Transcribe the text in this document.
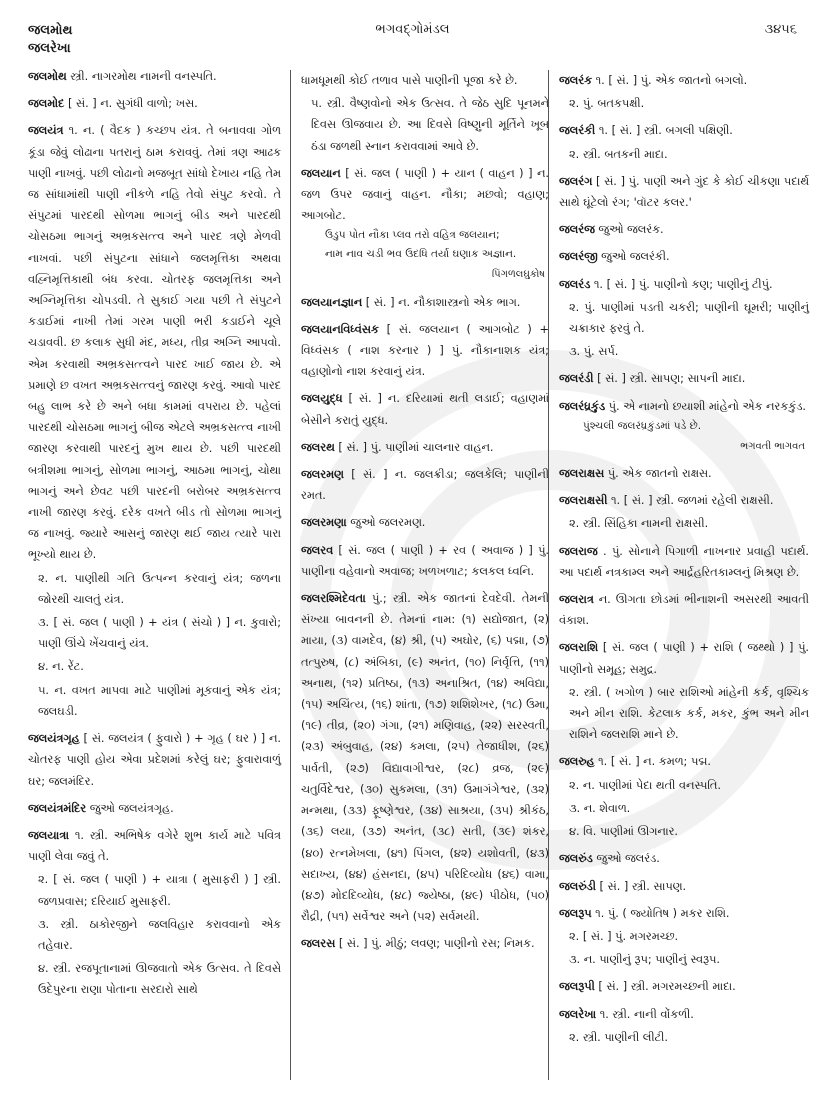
જલમોથ
જલરેખા
ભગવદ્ગોમંડલ	૩૪૫૬
જલમોથ સ્ત્રી. નાગરમોથ નામની વનસ્પતિ.
જલમોદ [ સં. ] ન. સુગંધી વાળો; ખસ.
જલયંત્ર ૧. ન. ( વૈદક ) કચ્છપ યંત્ર. તે બનાવવા ગોળ કૂંડા જેવું લોઢાના પતરાનું ઠામ કરાવવું. તેમાં ત્રણ આઢક પાણી નાખવું. પછી લોઢાનો મજબૂત સાંધો દેખાય નહિ તેમ જ સાંધામાંથી પાણી નીકળે નહિ તેવો સંપુટ કરવો. તે સંપુટમાં પારદથી સોળમા ભાગનું બીડ અને પારદથી ચોસઠમા ભાગનું અભ્રકસત્ત્વ અને પારદ ત્રણે મેળવી નાખવાં. પછી સંપુટના સાંધાને જલમૃત્તિકા અથવા વહ્નિમૃત્તિકાથી બંધ કરવા. ચોતરફ જલમૃત્તિકા અને અગ્નિમૃત્તિકા ચોપડવી. તે સુકાઈ ગયા પછી તે સંપુટને કડાઈમાં નાખી તેમાં ગરમ પાણી ભરી કડાઈને ચૂલે ચડાવવી. છ કલાક સુધી મંદ, મધ્ય, તીવ્ર અગ્નિ આપવો. એમ કરવાથી અભ્રકસત્ત્વને પારદ ખાઈ જાય છે. એ પ્રમાણે છ વખત અભ્રકસત્ત્વનું જારણ કરવું. આવો પારદ બહુ લાભ કરે છે અને બધા કામમાં વપરાય છે. પહેલાં પારદથી ચોસઠમા ભાગનું બીજ એટલે અભ્રકસત્ત્વ નાખી જારણ કરવાથી પારદનું મુખ થાય છે. પછી પારદથી બત્રીશમા ભાગનું, સોળમા ભાગનું, આઠમા ભાગનું, ચોથા ભાગનું અને છેવટ પછી પારદની બરોબર અભ્રકસત્ત્વ નાખી જારણ કરવું. દરેક વખતે બીડ તો સોળમા ભાગનું જ નાખવું. જ્યારે આસનું જારણ થઈ જાય ત્યારે પારા ભૂખ્યો થાય છે.
૨. ન. પાણીથી ગતિ ઉત્પન્ન કરવાનું યંત્ર; જળના જોરથી ચાલતું યંત્ર.
૩. [ સં. જલ ( પાણી ) + યંત્ર ( સંચો ) ] ન. કુવારો; પાણી ઊંચે ખેંચવાનું યંત્ર.
૪. ન. રેંટ.
૫. ન. વખત માપવા માટે પાણીમાં મૂકવાનું એક યંત્ર; જલઘડી.
જલયંત્રગૃહ [ સં. જલયંત્ર ( ફુવારો ) + ગૃહ ( ઘર ) ] ન. ચોતરફ પાણી હોય એવા પ્રદેશમાં કરેલું ઘર; ફુવારાવાળું ઘર; જલમંદિર.
જલયંત્રમંદિર જુઓ જલયંત્રગૃહ.
જલયાત્રા ૧. સ્ત્રી. અભિષેક વગેરે શુભ કાર્ય માટે પવિત્ર પાણી લેવા જવું તે.
૨. [ સં. જલ ( પાણી ) + યાત્રા ( મુસાફરી ) ] સ્ત્રી. જળપ્રવાસ; દરિયાઈ મુસાફરી.
૩. સ્ત્રી. ઠાકોરજીને જલવિહાર કરાવવાનો એક તહેવાર.
૪. સ્ત્રી. રજપૂતાનામાં ઊજવાતો એક ઉત્સવ. તે દિવસે ઉદેપુરના રાણા પોતાના સરદારો સાથે
ધામધૂમથી કોઈ તળાવ પાસે પાણીની પૂજા કરે છે.
૫. સ્ત્રી. વૈષ્ણવોનો એક ઉત્સવ. તે જેઠ સુદિ પૂનમને દિવસ ઊજવાય છે. આ દિવસે વિષ્ણુની મૂર્તિને ખૂબ ઠંડા જળથી સ્નાન કરાવવામાં આવે છે.
જલયાન [ સં. જલ ( પાણી ) + યાન ( વાહન ) ] ન. જળ ઉપર જવાનું વાહન. નૌકા; મછવો; વહાણ; આગબોટ.
ઉડુપ પોત નૌકા પ્લવ તરો વહિત્ર જલયાન;
નામ નાવ ચડી ભવ ઉદધિ તર્યા ઘણાક અજ્ઞાન.
પિંગળલઘુકોષ
જલયાનજ્ઞાન [ સં. ] ન. નૌકાશાસ્ત્રનો એક ભાગ.
જલયાનવિધ્વંસક [ સં. જલયાન ( આગબોટ ) + વિધ્વંસક ( નાશ કરનાર ) ] પું. નૌકાનાશક યંત્ર; વહાણોનો નાશ કરવાનું યંત્ર.
જલયુદ્ધ [ સં. ] ન. દરિયામાં થતી લડાઈ; વહાણમાં બેસીને કરાતું યુદ્ધ.
જલરથ [ સં. ] પું. પાણીમાં ચાલનાર વાહન.
જલરમણ [ સં. ] ન. જલક્રીડા; જલકેલિ; પાણીની રમત.
જલરમણા જુઓ જલરમણ.
જલરવ [ સં. જલ ( પાણી ) + રવ ( અવાજ ) ] પું. પાણીના વહેવાનો અવાજ; ખળખળાટ; કલકલ ધ્વનિ.
જલરશ્મિદેવતા પું.; સ્ત્રી. એક જાતનાં દેવદેવી. તેમની સંખ્યા બાવનની છે. તેમનાં નામ: (૧) સદ્યોજાત, (૨) માયા, (૩) વામદેવ, (૪) શ્રી, (૫) અઘોર, (૬) પદ્મા, (૭) તત્પુરુષ, (૮) અંબિકા, (૯) અનંત, (૧૦) નિર્વૃત્તિ, (૧૧) અનાથ, (૧૨) પ્રતિષ્ઠા, (૧૩) અનાશ્રિત, (૧૪) અવિદ્યા, (૧૫) અચિંત્ય, (૧૬) શાંતા, (૧૭) શશિશેખર, (૧૮) ઉમા, (૧૯) તીવ્ર, (૨૦) ગંગા, (૨૧) મણિવાહ, (૨૨) સરસ્વતી, (૨૩) અંબુવાહ, (૨૪) કમલા, (૨૫) તેજાધીશ, (૨૬) પાર્વતી, (૨૭) વિદ્યાવાગીશ્વર, (૨૮) વ્રજ, (૨૯) ચતુર્વિદેશ્વર, (૩૦) સુકમલા, (૩૧) ઉમાગંગેશ્વર, (૩૨) મન્મથા, (૩૩) ફૂષ્ણેશ્વર, (૩૪) સાશ્રયા, (૩૫) શ્રીકંઠ, (૩૬) લયા, (૩૭) અનંત, (૩૮) સતી, (૩૯) શંકર, (૪૦) રત્નમેખલા, (૪૧) પિંગલ, (૪૨) યશોવતી, (૪૩) સદાખ્ય, (૪૪) હંસનદા, (૪૫) પરિદિવ્યોધ (૪૬) વામા, (૪૭) મોદદિવ્યોધ, (૪૮) જ્યેષ્ઠા, (૪૯) પીઠોધ, (૫૦) રૌદ્રી, (૫૧) સર્વેશ્વર અને (૫૨) સર્વમયી.
જલરસ [ સં. ] પું. મીઠું; લવણ; પાણીનો રસ; નિમક.
જલરંક ૧. [ સં. ] પું. એક જાતનો બગલો.
૨. પું. બતકપક્ષી.
જલરંકી ૧. [ સં. ] સ્ત્રી. બગલી પક્ષિણી.
૨. સ્ત્રી. બતકની માદા.
જલરંગ [ સં. ] પું. પાણી અને ગુંદ કે કોઈ ચીકણા પદાર્થ સાથે ઘૂંટેલો રંગ; 'વૉટર કલર.'
જલરંજ જુઓ જલરંક.
જલરંજી જુઓ જલરંકી.
જલરંડ ૧. [ સં. ] પું. પાણીનો કણ; પાણીનું ટીપું.
૨. પું. પાણીમાં પડતી ચકરી; પાણીની ઘૂમરી; પાણીનું ચક્રાકાર ફરવું તે.
૩. પું. સર્પ.
જલરંડી [ સં. ] સ્ત્રી. સાપણ; સાપની માદા.
જલરંધ્રકુંડ પું. એ નામનો છયાશી માંહેનો એક નરકકુંડ.
પુંશ્ચલી જલરંધ્રકુંડમાં પડે છે.
ભગવતી ભાગવત
જલરાક્ષસ પું. એક જાતનો રાક્ષસ.
જલરાક્ષસી ૧. [ સં. ] સ્ત્રી. જળમાં રહેલી રાક્ષસી.
૨. સ્ત્રી. સિંહિકા નામની રાક્ષસી.
જલરાજ . પું. સોનાને પિગાળી નાખનાર પ્રવાહી પદાર્થ. આ પદાર્થ નત્રકામ્લ અને આર્દ્રહરિતકામ્લનું મિશ્રણ છે.
જલરાત્ર ન. ઊગતા છોડમાં ભીનાશની અસરથી આવતી વંકાશ.
જલરાશિ [ સં. જલ ( પાણી ) + રાશિ ( જથ્થો ) ] પું. પાણીનો સમૂહ; સમુદ્ર.
૨. સ્ત્રી. ( ખગોળ ) બાર રાશિઓ માંહેની કર્ક, વૃશ્ચિક અને મીન રાશિ. કેટલાક કર્ક, મકર, કુંભ અને મીન રાશિને જલરાશિ માને છે.
જલરુહ ૧. [ સં. ] ન. કમળ; પદ્મ.
૨. ન. પાણીમાં પેદા થતી વનસ્પતિ.
૩. ન. શેવાળ.
૪. વિ. પાણીમાં ઊગનાર.
જલરુંડ જુઓ જલરંડ.
જલરુંડી [ સં. ] સ્ત્રી. સાપણ.
જલરૂપ ૧. પું. ( જ્યોતિષ ) મકર રાશિ.
૨. [ સં. ] પું. મગરમચ્છ.
૩. ન. પાણીનું રૂપ; પાણીનું સ્વરૂપ.
જલરૂપી [ સં. ] સ્ત્રી. મગરમચ્છની માદા.
જલરેખા ૧. સ્ત્રી. નાની વોંકળી.
૨. સ્ત્રી. પાણીની લીટી.
